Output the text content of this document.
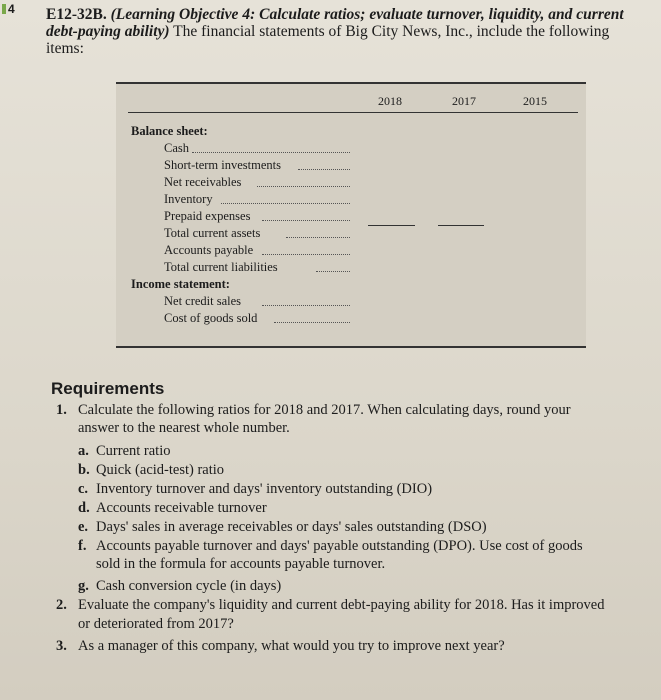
4 E12-32B. (Learning Objective 4: Calculate ratios; evaluate turnover, liquidity, and current
debt-paying ability) The financial statements of Big City News, Inc., include the following
items:
2018	2017	2015
Balance sheet:
Cash
Short-term investments
Net receivables
Inventory
Prepaid expenses
Total current assets
Accounts payable
Total current liabilities
Income statement:
Net credit sales
Cost of goods sold
Requirements
1. Calculate the following ratios for 2018 and 2017. When calculating days, round your
answer to the nearest whole number.
a. Current ratio
b. Quick (acid-test) ratio
c. Inventory turnover and days' inventory outstanding (DIO)
d. Accounts receivable turnover
e. Days' sales in average receivables or days' sales outstanding (DSO)
f. Accounts payable turnover and days' payable outstanding (DPO). Use cost of goods
sold in the formula for accounts payable turnover.
g. Cash conversion cycle (in days)
2. Evaluate the company's liquidity and current debt-paying ability for 2018. Has it improved
or deteriorated from 2017?
3. As a manager of this company, what would you try to improve next year?
